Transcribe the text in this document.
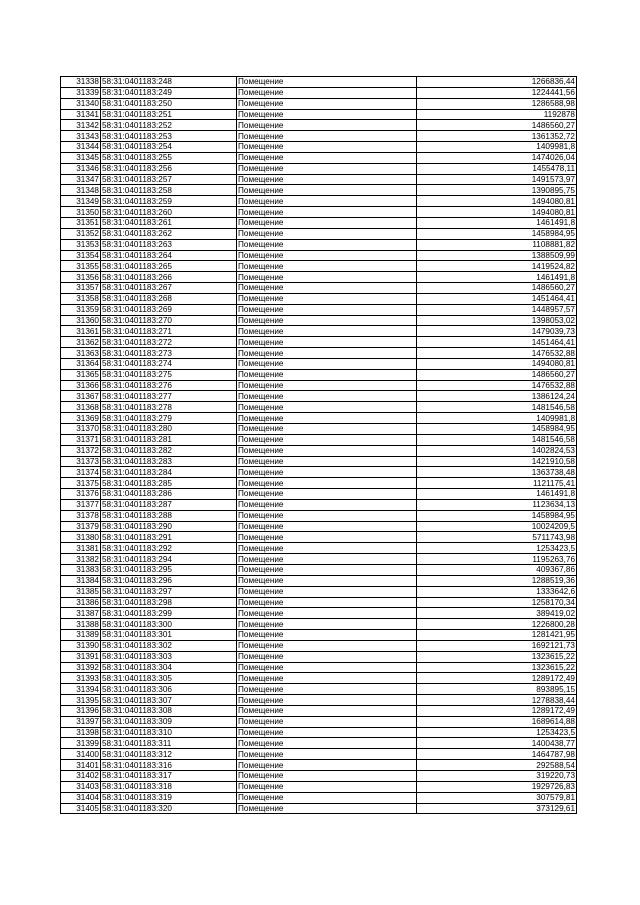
31338	58:31:0401183:248	Помещение	1266836,44
31339	58:31:0401183:249	Помещение	1224441,56
31340	58:31:0401183:250	Помещение	1286588,98
31341	58:31:0401183:251	Помещение	1192878
31342	58:31:0401183:252	Помещение	1486560,27
31343	58:31:0401183:253	Помещение	1361352,72
31344	58:31:0401183:254	Помещение	1409981,8
31345	58:31:0401183:255	Помещение	1474026,04
31346	58:31:0401183:256	Помещение	1455478,11
31347	58:31:0401183:257	Помещение	1491573,97
31348	58:31:0401183:258	Помещение	1390895,75
31349	58:31:0401183:259	Помещение	1494080,81
31350	58:31:0401183:260	Помещение	1494080,81
31351	58:31:0401183:261	Помещение	1461491,8
31352	58:31:0401183:262	Помещение	1458984,95
31353	58:31:0401183:263	Помещение	1108881,82
31354	58:31:0401183:264	Помещение	1388509,99
31355	58:31:0401183:265	Помещение	1419524,82
31356	58:31:0401183:266	Помещение	1461491,8
31357	58:31:0401183:267	Помещение	1486560,27
31358	58:31:0401183:268	Помещение	1451464,41
31359	58:31:0401183:269	Помещение	1448957,57
31360	58:31:0401183:270	Помещение	1398053,02
31361	58:31:0401183:271	Помещение	1479039,73
31362	58:31:0401183:272	Помещение	1451464,41
31363	58:31:0401183:273	Помещение	1476532,88
31364	58:31:0401183:274	Помещение	1494080,81
31365	58:31:0401183:275	Помещение	1486560,27
31366	58:31:0401183:276	Помещение	1476532,88
31367	58:31:0401183:277	Помещение	1386124,24
31368	58:31:0401183:278	Помещение	1481546,58
31369	58:31:0401183:279	Помещение	1409981,8
31370	58:31:0401183:280	Помещение	1458984,95
31371	58:31:0401183:281	Помещение	1481546,58
31372	58:31:0401183:282	Помещение	1402824,53
31373	58:31:0401183:283	Помещение	1421910,58
31374	58:31:0401183:284	Помещение	1363738,48
31375	58:31:0401183:285	Помещение	1121175,41
31376	58:31:0401183:286	Помещение	1461491,8
31377	58:31:0401183:287	Помещение	1123634,13
31378	58:31:0401183:288	Помещение	1458984,95
31379	58:31:0401183:290	Помещение	10024209,5
31380	58:31:0401183:291	Помещение	5711743,98
31381	58:31:0401183:292	Помещение	1253423,5
31382	58:31:0401183:294	Помещение	1195263,76
31383	58:31:0401183:295	Помещение	409367,86
31384	58:31:0401183:296	Помещение	1288519,36
31385	58:31:0401183:297	Помещение	1333642,6
31386	58:31:0401183:298	Помещение	1258170,34
31387	58:31:0401183:299	Помещение	389419,02
31388	58:31:0401183:300	Помещение	1226800,28
31389	58:31:0401183:301	Помещение	1281421,95
31390	58:31:0401183:302	Помещение	1692121,73
31391	58:31:0401183:303	Помещение	1323615,22
31392	58:31:0401183:304	Помещение	1323615,22
31393	58:31:0401183:305	Помещение	1289172,49
31394	58:31:0401183:306	Помещение	893895,15
31395	58:31:0401183:307	Помещение	1278838,44
31396	58:31:0401183:308	Помещение	1289172,49
31397	58:31:0401183:309	Помещение	1689614,88
31398	58:31:0401183:310	Помещение	1253423,5
31399	58:31:0401183:311	Помещение	1400438,77
31400	58:31:0401183:312	Помещение	1464787,98
31401	58:31:0401183:316	Помещение	292588,54
31402	58:31:0401183:317	Помещение	319220,73
31403	58:31:0401183:318	Помещение	1929726,83
31404	58:31:0401183:319	Помещение	307579,81
31405	58:31:0401183:320	Помещение	373129,61
